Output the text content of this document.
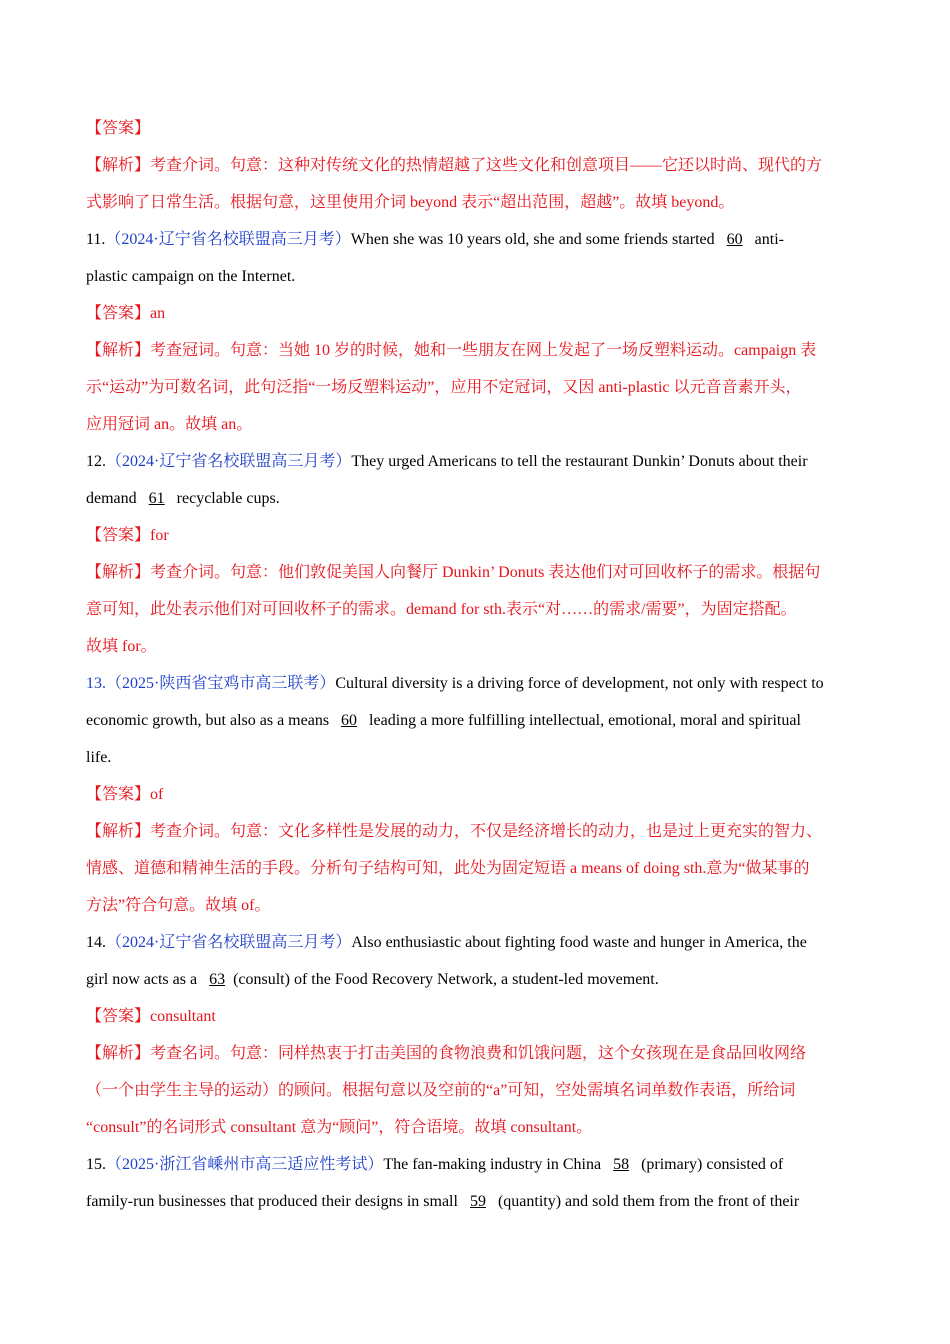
【答案】
【解析】考查介词。句意：这种对传统文化的热情超越了这些文化和创意项目——它还以时尚、现代的方
式影响了日常生活。根据句意，这里使用介词 beyond 表示“超出范围，超越”。故填 beyond。
11.（2024·辽宁省名校联盟高三月考）When she was 10 years old, she and some friends started 60 anti-
plastic campaign on the Internet.
【答案】an
【解析】考查冠词。句意：当她 10 岁的时候，她和一些朋友在网上发起了一场反塑料运动。campaign 表
示“运动”为可数名词，此句泛指“一场反塑料运动”，应用不定冠词，又因 anti-plastic 以元音音素开头，
应用冠词 an。故填 an。
12.（2024·辽宁省名校联盟高三月考）They urged Americans to tell the restaurant Dunkin’ Donuts about their
demand 61 recyclable cups.
【答案】for
【解析】考查介词。句意：他们敦促美国人向餐厅 Dunkin’ Donuts 表达他们对可回收杯子的需求。根据句
意可知，此处表示他们对可回收杯子的需求。demand for sth.表示“对……的需求/需要”，为固定搭配。
故填 for。
13.（2025·陕西省宝鸡市高三联考）Cultural diversity is a driving force of development, not only with respect to
economic growth, but also as a means 60 leading a more fulfilling intellectual, emotional, moral and spiritual
life.
【答案】of
【解析】考查介词。句意：文化多样性是发展的动力，不仅是经济增长的动力，也是过上更充实的智力、
情感、道德和精神生活的手段。分析句子结构可知，此处为固定短语 a means of doing sth.意为“做某事的
方法”符合句意。故填 of。
14.（2024·辽宁省名校联盟高三月考）Also enthusiastic about fighting food waste and hunger in America, the
girl now acts as a 63 (consult) of the Food Recovery Network, a student-led movement.
【答案】consultant
【解析】考查名词。句意：同样热衷于打击美国的食物浪费和饥饿问题，这个女孩现在是食品回收网络
（一个由学生主导的运动）的顾问。根据句意以及空前的“a”可知，空处需填名词单数作表语，所给词
“consult”的名词形式 consultant 意为“顾问”，符合语境。故填 consultant。
15.（2025·浙江省嵊州市高三适应性考试）The fan-making industry in China 58 (primary) consisted of
family-run businesses that produced their designs in small 59 (quantity) and sold them from the front of their
